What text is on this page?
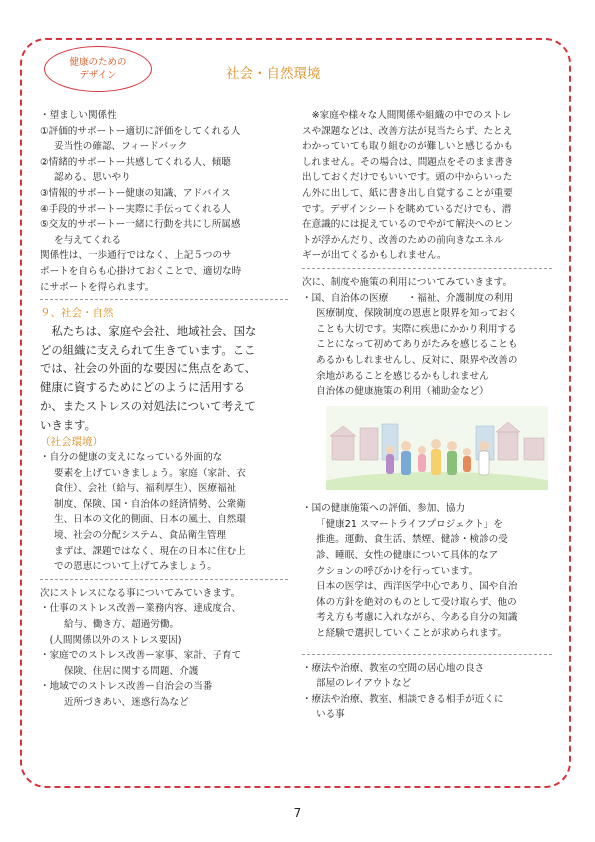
健康のための
デザイン	社会・自然環境

・望ましい関係性

①評価的サポートー適切に評価をしてくれる人

妥当性の確認、フィードバック

②情緒的サポートー共感してくれる人、傾聴

認める、思いやり

③情報的サポートー健康の知識、アドバイス

④手段的サポートー実際に手伝ってくれる人

⑤交友的サポートー一緒に行動を共にし所属感

を与えてくれる

関係性は、一歩通行ではなく、上記５つのサ

ポートを自らも心掛けておくことで、適切な時

にサポートを得られます。

９、社会・自然

　私たちは、家庭や会社、地域社会、国な

どの組織に支えられて生きています。ここ

では、社会の外面的な要因に焦点をあて、

健康に資するためにどのように活用する

か、またストレスの対処法について考えて

いきます。

（社会環境）

・自分の健康の支えになっている外面的な

要素を上げていきましょう。家庭（家計、衣

食住）、会社（給与、福利厚生）、医療福祉

制度、保険、国・自治体の経済情勢、公衆衛

生、日本の文化的側面、日本の風土、自然環

境、社会の分配システム、食品衛生管理

まずは、課題ではなく、現在の日本に住む上

での恩恵について上げてみましょう。

次にストレスになる事についてみていきます。

・仕事のストレス改善ー業務内容、達成度合、

給与、働き方、超過労働。

　(人間関係以外のストレス要因)

・家庭でのストレス改善ー家事、家計、子育て

保険、住居に関する問題、介護

・地域でのストレス改善ー自治会の当番

近所づきあい、迷惑行為など

　※家庭や様々な人間関係や組織の中でのストレ

スや課題などは、改善方法が見当たらず、たとえ

わかっていても取り組むのが難しいと感じるかも

しれません。その場合は、問題点をそのまま書き

出しておくだけでもいいです。頭の中からいった

ん外に出して、紙に書き出し自覚することが重要

です。デザインシートを眺めているだけでも、潜

在意識的には捉えているのでやがて解決へのヒン

トが浮かんだり、改善のための前向きなエネル

ギーが出てくるかもしれません。

次に、制度や施策の利用についてみていきます。

・国、自治体の医療　　・福祉、介護制度の利用

医療制度、保険制度の恩恵と限界を知っておく

ことも大切です。実際に疾患にかかり利用する

ことになって初めてありがたみを感じることも

あるかもしれませんし、反対に、限界や改善の

余地があることを感じるかもしれません

自治体の健康施策の利用（補助金など）

・国の健康施策への評価、参加、協力

「健康21 スマートライフプロジェクト」を

推進。運動、食生活、禁煙、健診・検診の受

診、睡眠、女性の健康について具体的なア

クションの呼びかけを行っています。

日本の医学は、西洋医学中心であり、国や自治

体の方針を絶対のものとして受け取らず、他の

考え方も考慮に入れながら、今ある自分の知識

と経験で選択していくことが求められます。

・療法や治療、教室の空間の居心地の良さ

部屋のレイアウトなど

・療法や治療、教室、相談できる相手が近くに

いる事

7
